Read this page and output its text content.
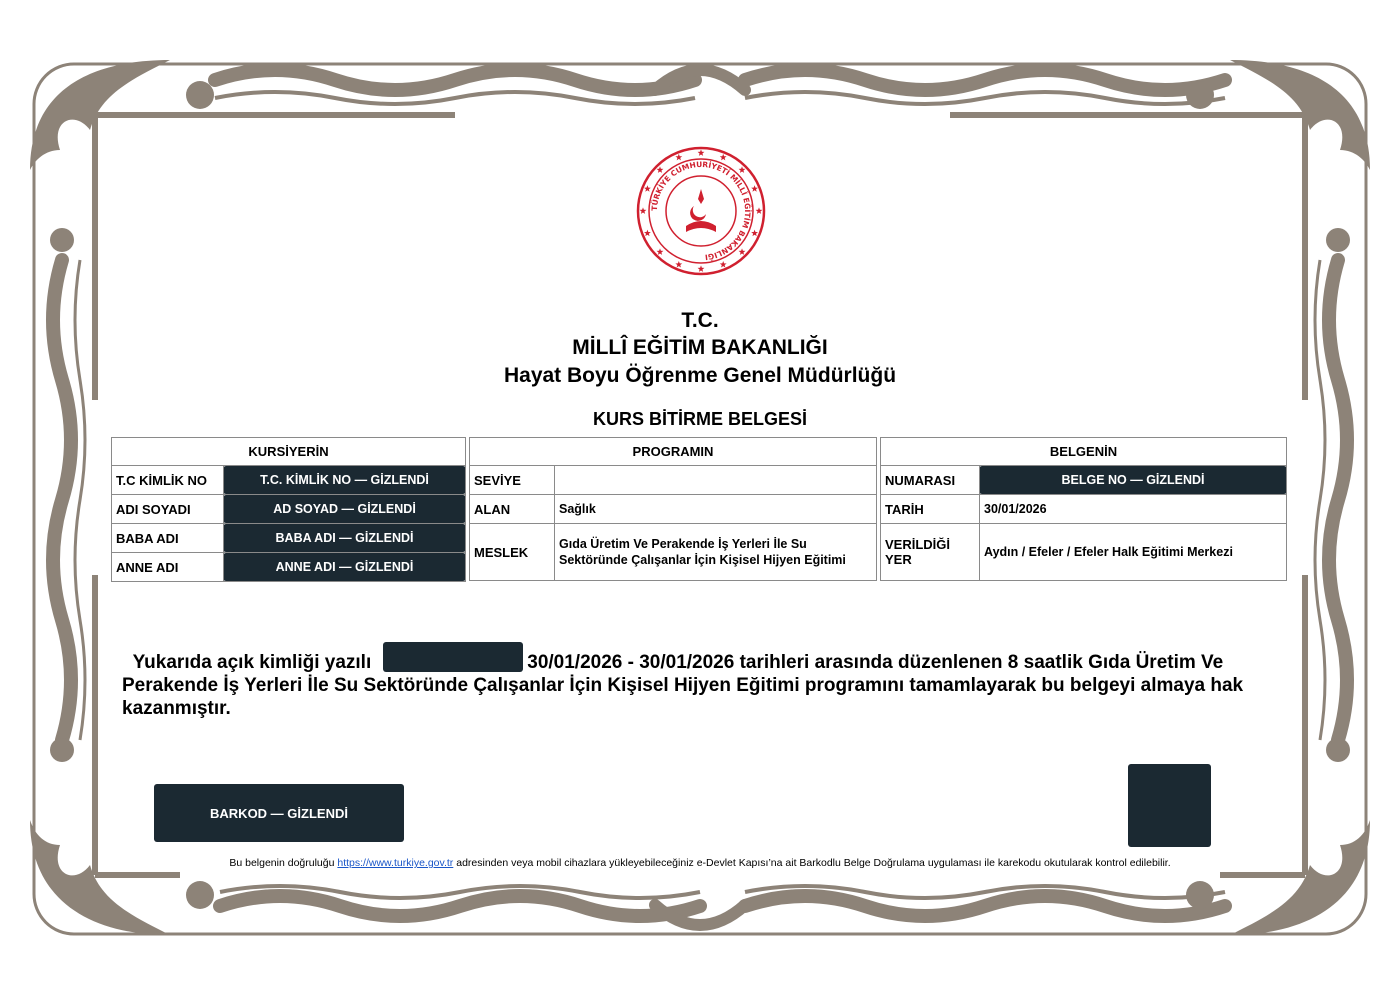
TÜRKİYE CUMHURİYETİ MİLLÎ EĞİTİM BAKANLIĞI
T.C.
MİLLÎ EĞİTİM BAKANLIĞI
Hayat Boyu Öğrenme Genel Müdürlüğü
KURS BİTİRME BELGESİ
KURSİYERİN	
T.C KİMLİK NO	T.C. KİMLİK NO — GİZLENDİ

ADI SOYADI	AD SOYAD — GİZLENDİ

BABA ADI	BABA ADI — GİZLENDİ

ANNE ADI	ANNE ADI — GİZLENDİ
PROGRAMIN	
SEVİYE	
ALAN	Sağlık
MESLEK	Gıda Üretim Ve Perakende İş Yerleri İle Su Sektöründe Çalışanlar İçin Kişisel Hijyen Eğitimi
BELGENİN	
NUMARASI	BELGE NO — GİZLENDİ

TARİH	30/01/2026
VERİLDİĞİ
YER	Aydın / Efeler / Efeler Halk Eğitimi Merkezi
Yukarıda açık kimliği yazılı	30/01/2026 - 30/01/2026 tarihleri arasında düzenlenen 8 saatlik Gıda Üretim Ve Perakende İş Yerleri İle Su Sektöründe Çalışanlar İçin Kişisel Hijyen Eğitimi programını tamamlayarak bu belgeyi almaya hak kazanmıştır.
BARKOD — GİZLENDİ
Bu belgenin doğruluğu https://www.turkiye.gov.tr adresinden veya mobil cihazlara yükleyebileceğiniz e-Devlet Kapısı’na ait Barkodlu Belge Doğrulama uygulaması ile karekodu okutularak kontrol edilebilir.
